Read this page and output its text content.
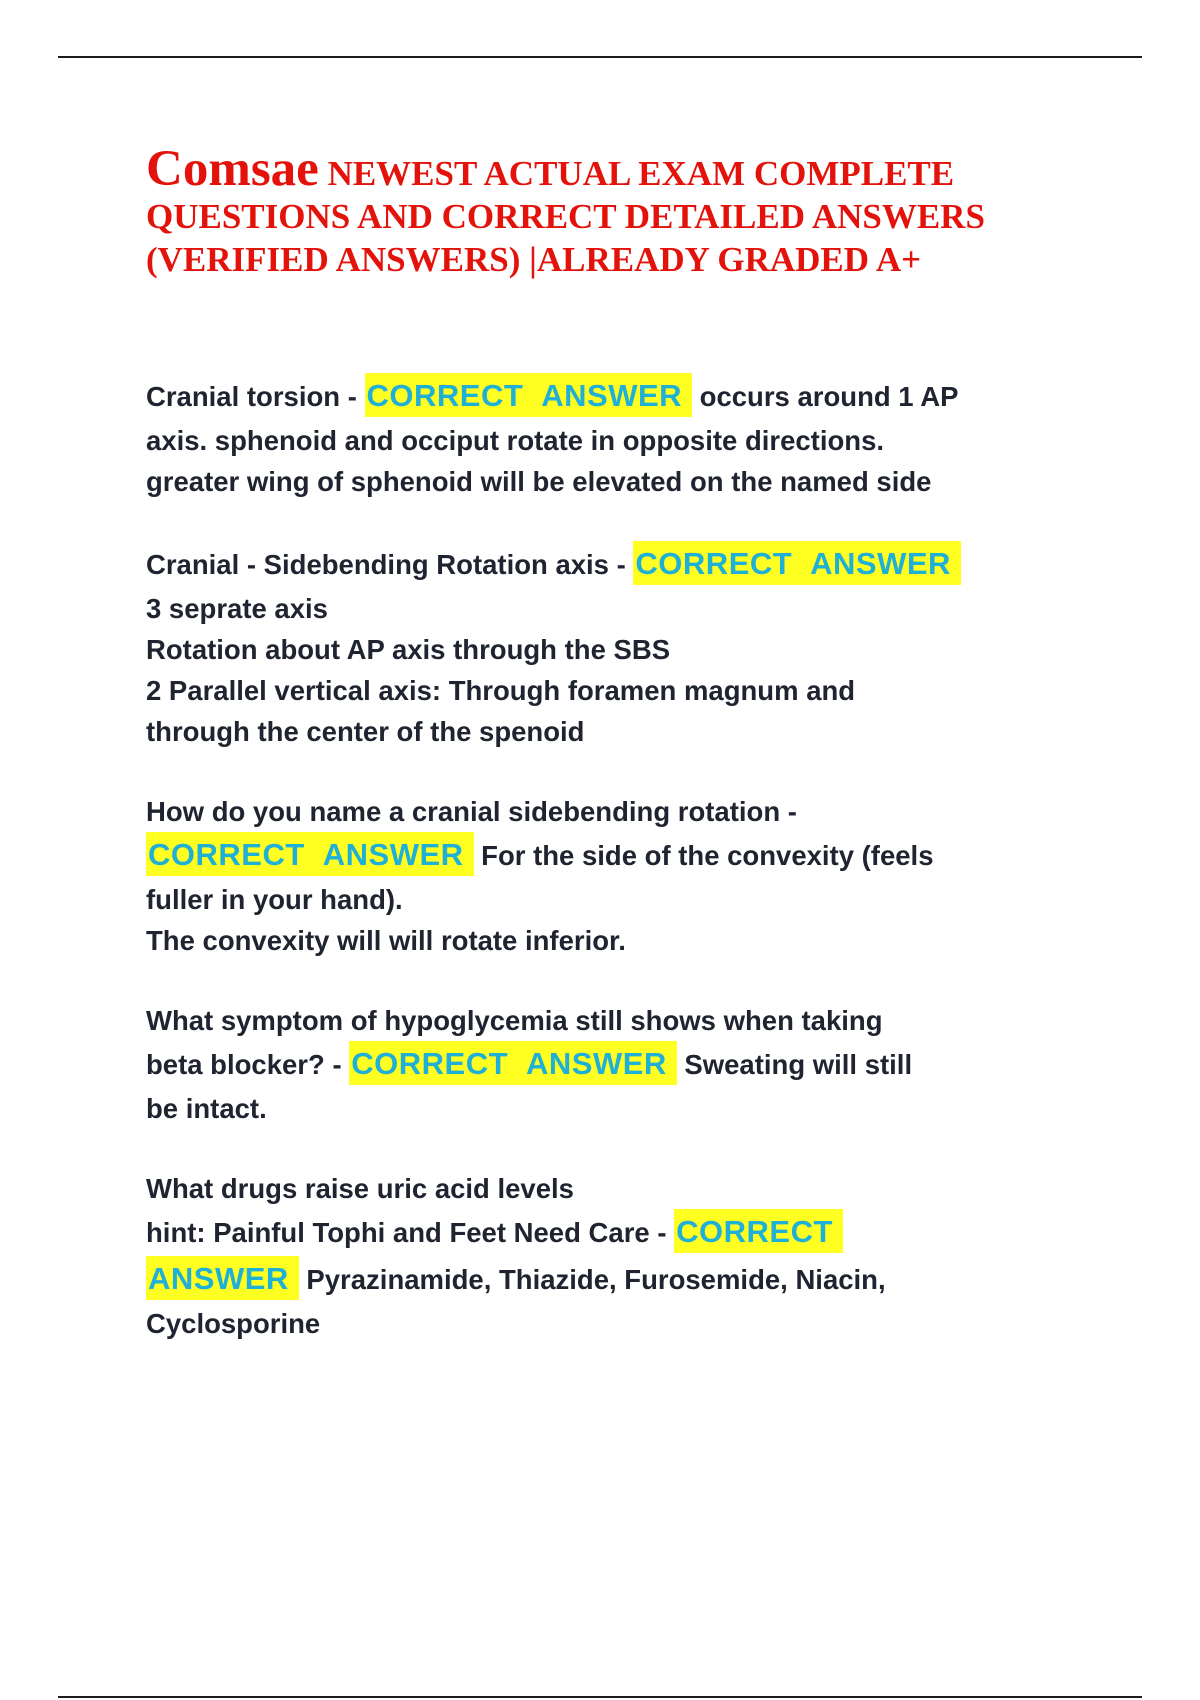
Comsae NEWEST ACTUAL EXAM COMPLETE QUESTIONS AND CORRECT DETAILED ANSWERS (VERIFIED ANSWERS) |ALREADY GRADED A+
Cranial torsion - CORRECT ANSWER occurs around 1 AP
axis. sphenoid and occiput rotate in opposite directions.
greater wing of sphenoid will be elevated on the named side
Cranial - Sidebending Rotation axis - CORRECT ANSWER
3 seprate axis
Rotation about AP axis through the SBS
2 Parallel vertical axis: Through foramen magnum and
through the center of the spenoid
How do you name a cranial sidebending rotation -
CORRECT ANSWER For the side of the convexity (feels
fuller in your hand).
The convexity will will rotate inferior.
What symptom of hypoglycemia still shows when taking
beta blocker? - CORRECT ANSWER Sweating will still
be intact.
What drugs raise uric acid levels
hint: Painful Tophi and Feet Need Care - CORRECT
ANSWER Pyrazinamide, Thiazide, Furosemide, Niacin,
Cyclosporine
